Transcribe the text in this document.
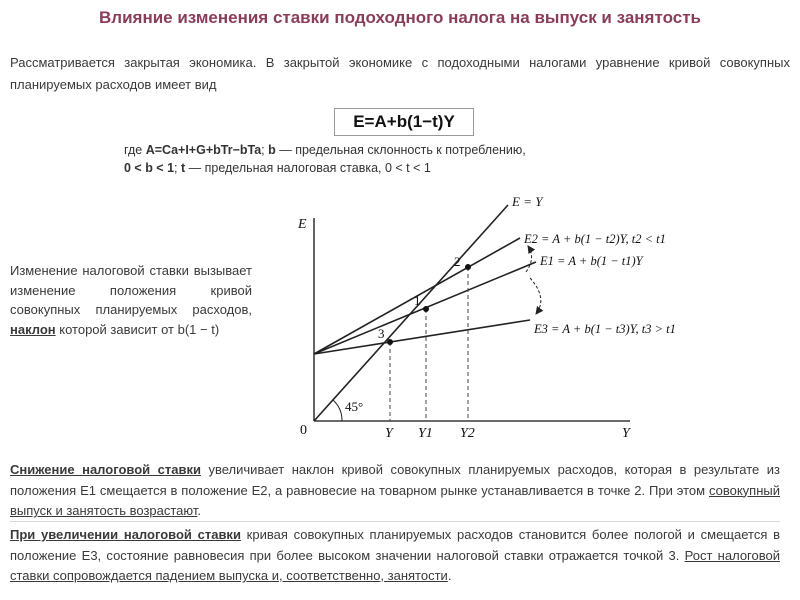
Влияние изменения ставки подоходного налога на выпуск и занятость
Рассматривается закрытая экономика. В закрытой экономике с подоходными налогами уравнение кривой совокупных планируемых расходов имеет вид
E=A+b(1−t)Y
где A=Ca+I+G+bTr−bTa; b — предельная склонность к потреблению,
0 < b < 1; t — предельная налоговая ставка, 0 < t < 1
Изменение налоговой ставки вызывает изменение положения кривой совокупных планируемых расходов, наклон которой зависит от b(1 − t)
E
Y
0
45°
3
1
2
Y Y1 Y2
E = Y
E2 = A + b(1 − t2)Y, t2 < t1
E1 = A + b(1 − t1)Y
E3 = A + b(1 − t3)Y, t3 > t1
Снижение налоговой ставки увеличивает наклон кривой совокупных планируемых расходов, которая в результате из положения E1 смещается в положение E2, а равновесие на товарном рынке устанавливается в точке 2. При этом совокупный выпуск и занятость возрастают.
При увеличении налоговой ставки кривая совокупных планируемых расходов становится более пологой и смещается в положение E3, состояние равновесия при более высоком значении налоговой ставки отражается точкой 3. Рост налоговой ставки сопровождается падением выпуска и, соответственно, занятости.
